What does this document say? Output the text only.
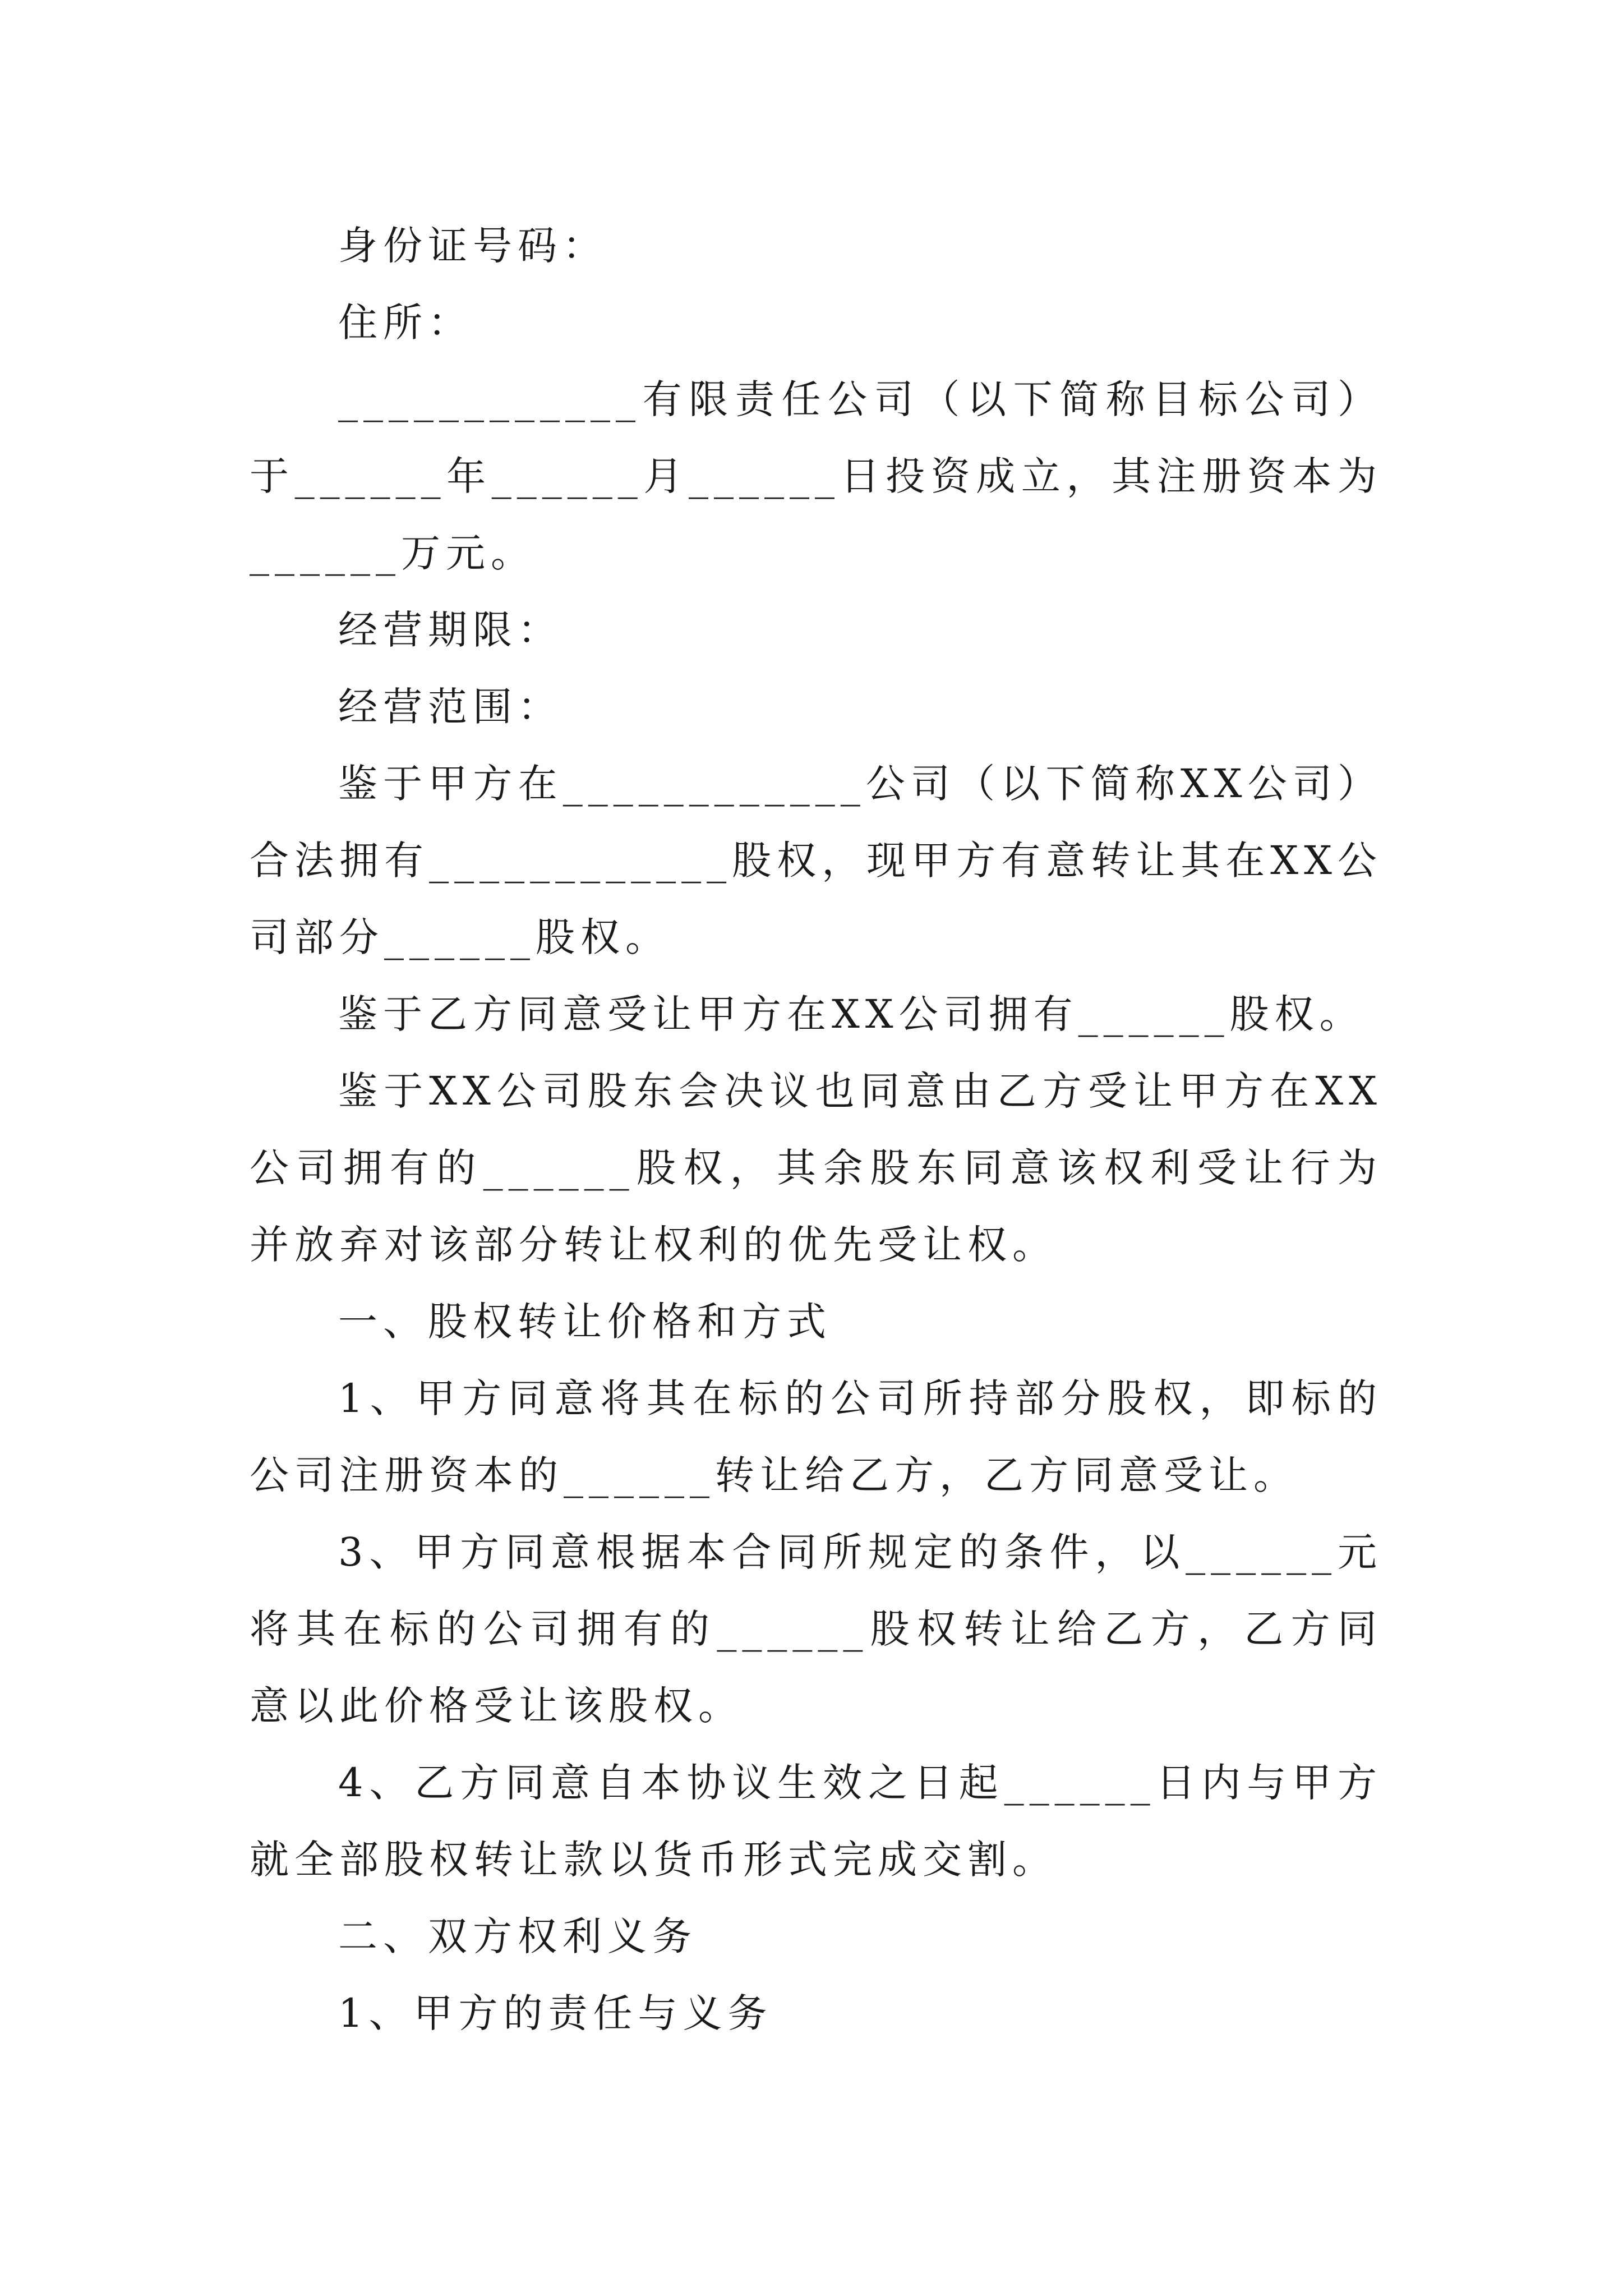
身份证号码：

住所：

____________有限责任公司（以下简称目标公司）于______年______月______日投资成立，其注册资本为______万元。

经营期限：

经营范围：

鉴于甲方在____________公司（以下简称XX公司）合法拥有____________股权，现甲方有意转让其在XX公司部分______股权。

鉴于乙方同意受让甲方在XX公司拥有______股权。

鉴于XX公司股东会决议也同意由乙方受让甲方在XX公司拥有的______股权，其余股东同意该权利受让行为并放弃对该部分转让权利的优先受让权。

一、股权转让价格和方式

1、甲方同意将其在标的公司所持部分股权，即标的公司注册资本的______转让给乙方，乙方同意受让。

3、甲方同意根据本合同所规定的条件，以______元将其在标的公司拥有的______股权转让给乙方，乙方同意以此价格受让该股权。

4、乙方同意自本协议生效之日起______日内与甲方就全部股权转让款以货币形式完成交割。

二、双方权利义务

1、甲方的责任与义务
